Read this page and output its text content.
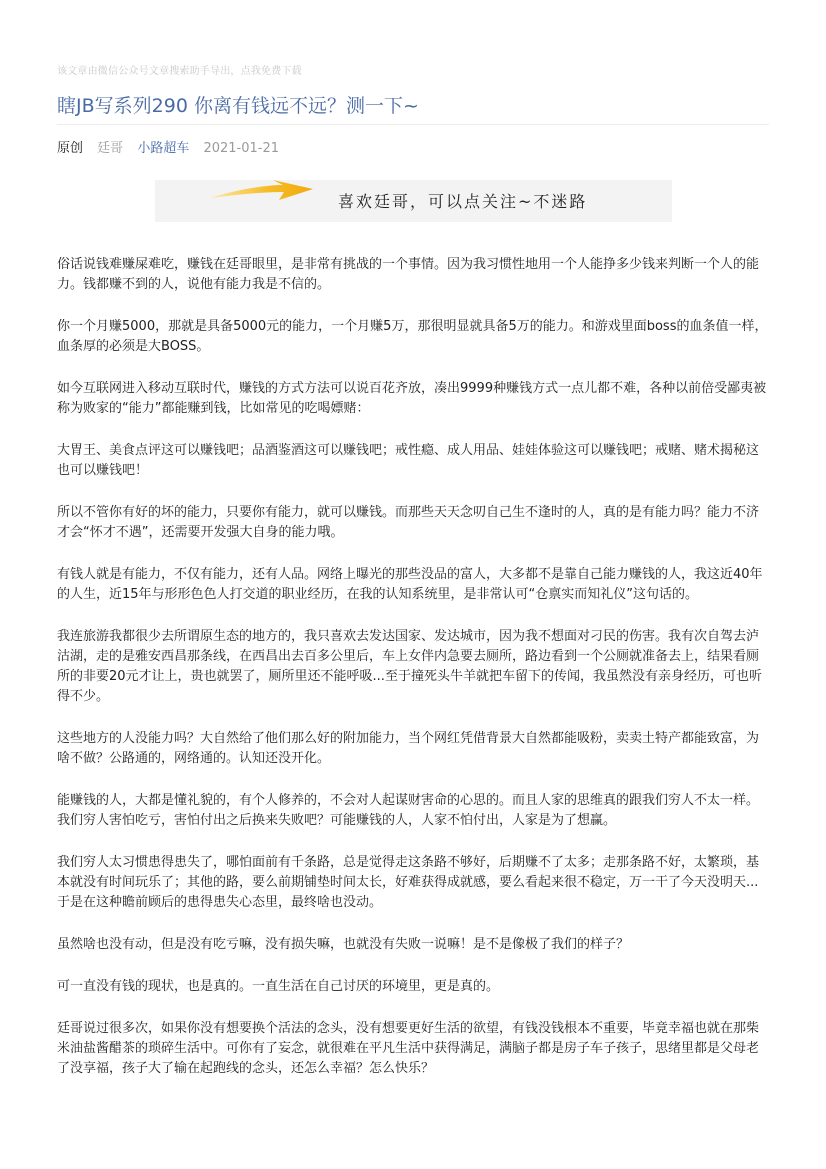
该文章由微信公众号文章搜索助手导出，点我免费下载
瞎JB写系列290 你离有钱远不远？测一下~
原创 廷哥 小路超车 2021-01-21
喜欢廷哥，可以点关注~不迷路

俗话说钱难赚屎难吃，赚钱在廷哥眼里，是非常有挑战的一个事情。因为我习惯性地用一个人能挣多少钱来判断一个人的能力。钱都赚不到的人，说他有能力我是不信的。

你一个月赚5000，那就是具备5000元的能力，一个月赚5万，那很明显就具备5万的能力。和游戏里面boss的血条值一样，血条厚的必须是大BOSS。

如今互联网进入移动互联时代，赚钱的方式方法可以说百花齐放，凑出9999种赚钱方式一点儿都不难，各种以前倍受鄙夷被称为败家的“能力”都能赚到钱，比如常见的吃喝嫖赌：

大胃王、美食点评这可以赚钱吧；品酒鉴酒这可以赚钱吧；戒性瘾、成人用品、娃娃体验这可以赚钱吧；戒赌、赌术揭秘这也可以赚钱吧！

所以不管你有好的坏的能力，只要你有能力，就可以赚钱。而那些天天念叨自己生不逢时的人，真的是有能力吗？能力不济才会“怀才不遇”，还需要开发强大自身的能力哦。

有钱人就是有能力，不仅有能力，还有人品。网络上曝光的那些没品的富人，大多都不是靠自己能力赚钱的人，我这近40年的人生，近15年与形形色色人打交道的职业经历，在我的认知系统里，是非常认可“仓禀实而知礼仪”这句话的。

我连旅游我都很少去所谓原生态的地方的，我只喜欢去发达国家、发达城市，因为我不想面对刁民的伤害。我有次自驾去泸沽湖，走的是雅安西昌那条线，在西昌出去百多公里后，车上女伴内急要去厕所，路边看到一个公厕就准备去上，结果看厕所的非要20元才让上，贵也就罢了，厕所里还不能呼吸...至于撞死头牛羊就把车留下的传闻，我虽然没有亲身经历，可也听得不少。

这些地方的人没能力吗？大自然给了他们那么好的附加能力，当个网红凭借背景大自然都能吸粉，卖卖土特产都能致富，为啥不做？公路通的，网络通的。认知还没开化。

能赚钱的人，大都是懂礼貌的，有个人修养的，不会对人起谋财害命的心思的。而且人家的思维真的跟我们穷人不太一样。我们穷人害怕吃亏，害怕付出之后换来失败吧？可能赚钱的人，人家不怕付出，人家是为了想赢。

我们穷人太习惯患得患失了，哪怕面前有千条路，总是觉得走这条路不够好，后期赚不了太多；走那条路不好，太繁琐，基本就没有时间玩乐了；其他的路，要么前期铺垫时间太长，好难获得成就感，要么看起来很不稳定，万一干了今天没明天...于是在这种瞻前顾后的患得患失心态里，最终啥也没动。

虽然啥也没有动，但是没有吃亏嘛，没有损失嘛，也就没有失败一说嘛！是不是像极了我们的样子？

可一直没有钱的现状，也是真的。一直生活在自己讨厌的环境里，更是真的。

廷哥说过很多次，如果你没有想要换个活法的念头，没有想要更好生活的欲望，有钱没钱根本不重要，毕竟幸福也就在那柴米油盐酱醋茶的琐碎生活中。可你有了妄念，就很难在平凡生活中获得满足，满脑子都是房子车子孩子，思绪里都是父母老了没享福，孩子大了输在起跑线的念头，还怎么幸福？怎么快乐？
